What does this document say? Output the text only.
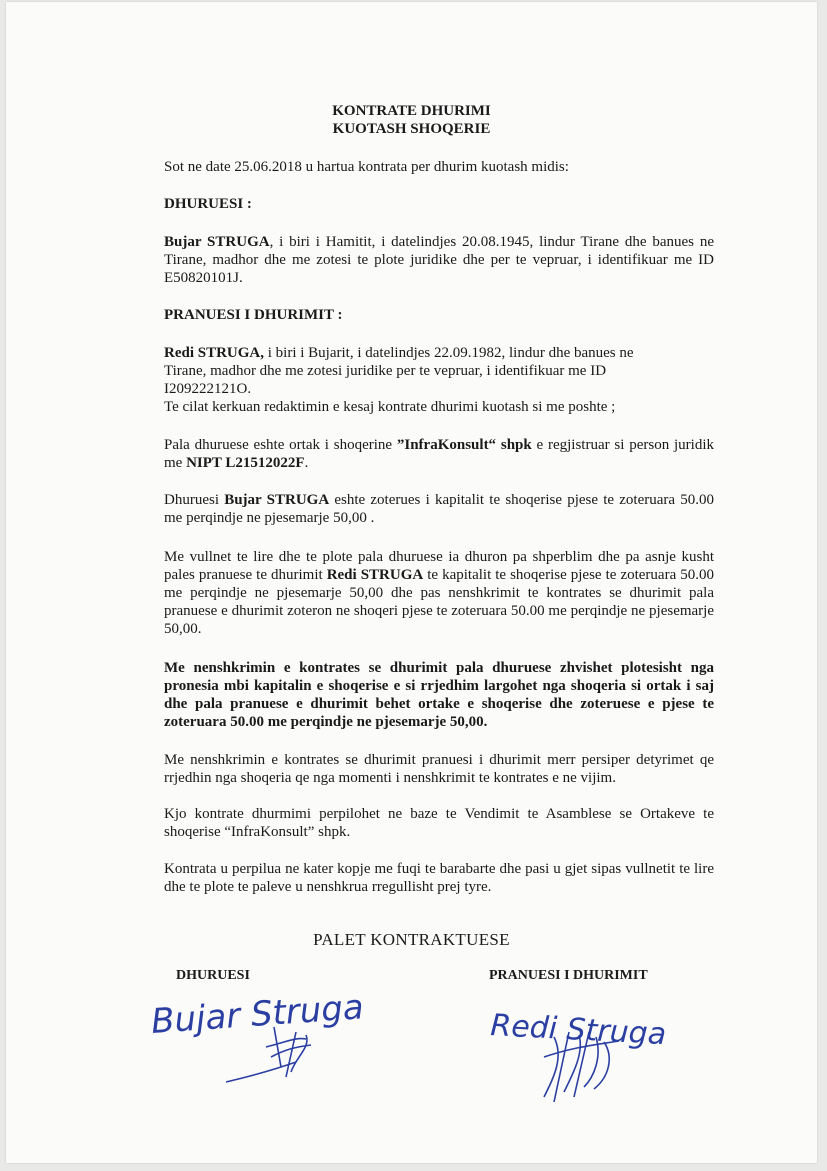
KONTRATE DHURIMI
KUOTASH SHOQERIE
Sot ne date 25.06.2018 u hartua kontrata per dhurim kuotash midis:
DHURUESI :
Bujar STRUGA, i biri i Hamitit, i datelindjes 20.08.1945, lindur Tirane dhe banues ne Tirane, madhor dhe me zotesi te plote juridike dhe per te vepruar, i identifikuar me ID E50820101J.
PRANUESI I DHURIMIT :
Redi STRUGA, i biri i Bujarit, i datelindjes 22.09.1982, lindur dhe banues ne
Tirane, madhor dhe me zotesi juridike per te vepruar, i identifikuar me ID
I209222121O.
Te cilat kerkuan redaktimin e kesaj kontrate dhurimi kuotash si me poshte ;
Pala dhuruese eshte ortak i shoqerine ”InfraKonsult“ shpk e regjistruar si person juridik me NIPT L21512022F.
Dhuruesi Bujar STRUGA eshte zoterues i kapitalit te shoqerise pjese te zoteruara 50.00 me perqindje ne pjesemarje 50,00 .
Me vullnet te lire dhe te plote pala dhuruese ia dhuron pa shperblim dhe pa asnje kusht pales pranuese te dhurimit Redi STRUGA te kapitalit te shoqerise pjese te zoteruara 50.00 me perqindje ne pjesemarje 50,00 dhe pas nenshkrimit te kontrates se dhurimit pala pranuese e dhurimit zoteron ne shoqeri pjese te zoteruara 50.00 me perqindje ne pjesemarje 50,00.
Me nenshkrimin e kontrates se dhurimit pala dhuruese zhvishet plotesisht nga pronesia mbi kapitalin e shoqerise e si rrjedhim largohet nga shoqeria si ortak i saj dhe pala pranuese e dhurimit behet ortake e shoqerise dhe zoteruese e pjese te zoteruara 50.00 me perqindje ne pjesemarje 50,00.
Me nenshkrimin e kontrates se dhurimit pranuesi i dhurimit merr persiper detyrimet qe rrjedhin nga shoqeria qe nga momenti i nenshkrimit te kontrates e ne vijim.
Kjo kontrate dhurmimi perpilohet ne baze te Vendimit te Asamblese se Ortakeve te shoqerise “InfraKonsult” shpk.
Kontrata u perpilua ne kater kopje me fuqi te barabarte dhe pasi u gjet sipas vullnetit te lire dhe te plote te paleve u nenshkrua rregullisht prej tyre.
PALET KONTRAKTUESE
DHURUESI	PRANUESI I DHURIMIT
Bujar Struga	Redi Struga
